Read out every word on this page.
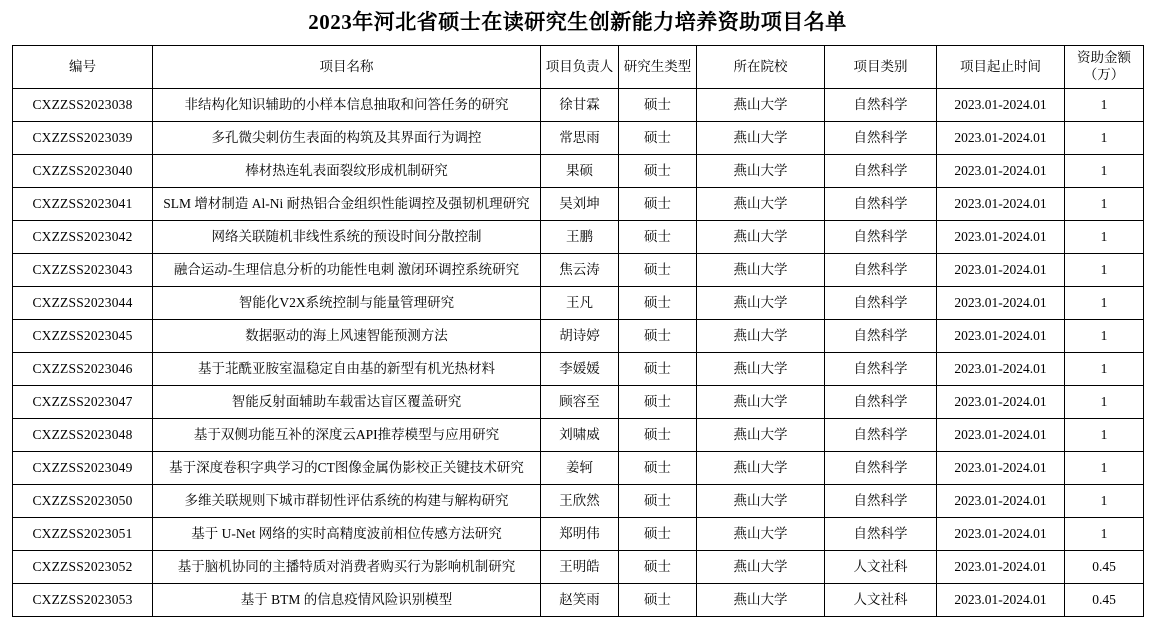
2023年河北省硕士在读研究生创新能力培养资助项目名单
编号	项目名称	项目负责人	研究生类型	所在院校	项目类别	项目起止时间	资助金额（万）
CXZZSS2023038	非结构化知识辅助的小样本信息抽取和问答任务的研究	徐甘霖	硕士	燕山大学	自然科学	2023.01-2024.01	1
CXZZSS2023039	多孔微尖刺仿生表面的构筑及其界面行为调控	常思雨	硕士	燕山大学	自然科学	2023.01-2024.01	1
CXZZSS2023040	棒材热连轧表面裂纹形成机制研究	果硕	硕士	燕山大学	自然科学	2023.01-2024.01	1
CXZZSS2023041	SLM 增材制造 Al-Ni 耐热铝合金组织性能调控及强韧机理研究	吴刘坤	硕士	燕山大学	自然科学	2023.01-2024.01	1
CXZZSS2023042	网络关联随机非线性系统的预设时间分散控制	王鹏	硕士	燕山大学	自然科学	2023.01-2024.01	1
CXZZSS2023043	融合运动-生理信息分析的功能性电刺 激闭环调控系统研究	焦云涛	硕士	燕山大学	自然科学	2023.01-2024.01	1
CXZZSS2023044	智能化V2X系统控制与能量管理研究	王凡	硕士	燕山大学	自然科学	2023.01-2024.01	1
CXZZSS2023045	数据驱动的海上风速智能预测方法	胡诗婷	硕士	燕山大学	自然科学	2023.01-2024.01	1
CXZZSS2023046	基于苝酰亚胺室温稳定自由基的新型有机光热材料	李媛媛	硕士	燕山大学	自然科学	2023.01-2024.01	1
CXZZSS2023047	智能反射面辅助车载雷达盲区覆盖研究	顾容至	硕士	燕山大学	自然科学	2023.01-2024.01	1
CXZZSS2023048	基于双侧功能互补的深度云API推荐模型与应用研究	刘啸威	硕士	燕山大学	自然科学	2023.01-2024.01	1
CXZZSS2023049	基于深度卷积字典学习的CT图像金属伪影校正关键技术研究	姜轲	硕士	燕山大学	自然科学	2023.01-2024.01	1
CXZZSS2023050	多维关联规则下城市群韧性评估系统的构建与解构研究	王欣然	硕士	燕山大学	自然科学	2023.01-2024.01	1
CXZZSS2023051	基于 U-Net 网络的实时高精度波前相位传感方法研究	郑明伟	硕士	燕山大学	自然科学	2023.01-2024.01	1
CXZZSS2023052	基于脑机协同的主播特质对消费者购买行为影响机制研究	王明皓	硕士	燕山大学	人文社科	2023.01-2024.01	0.45
CXZZSS2023053	基于 BTM 的信息疫情风险识别模型	赵笑雨	硕士	燕山大学	人文社科	2023.01-2024.01	0.45
